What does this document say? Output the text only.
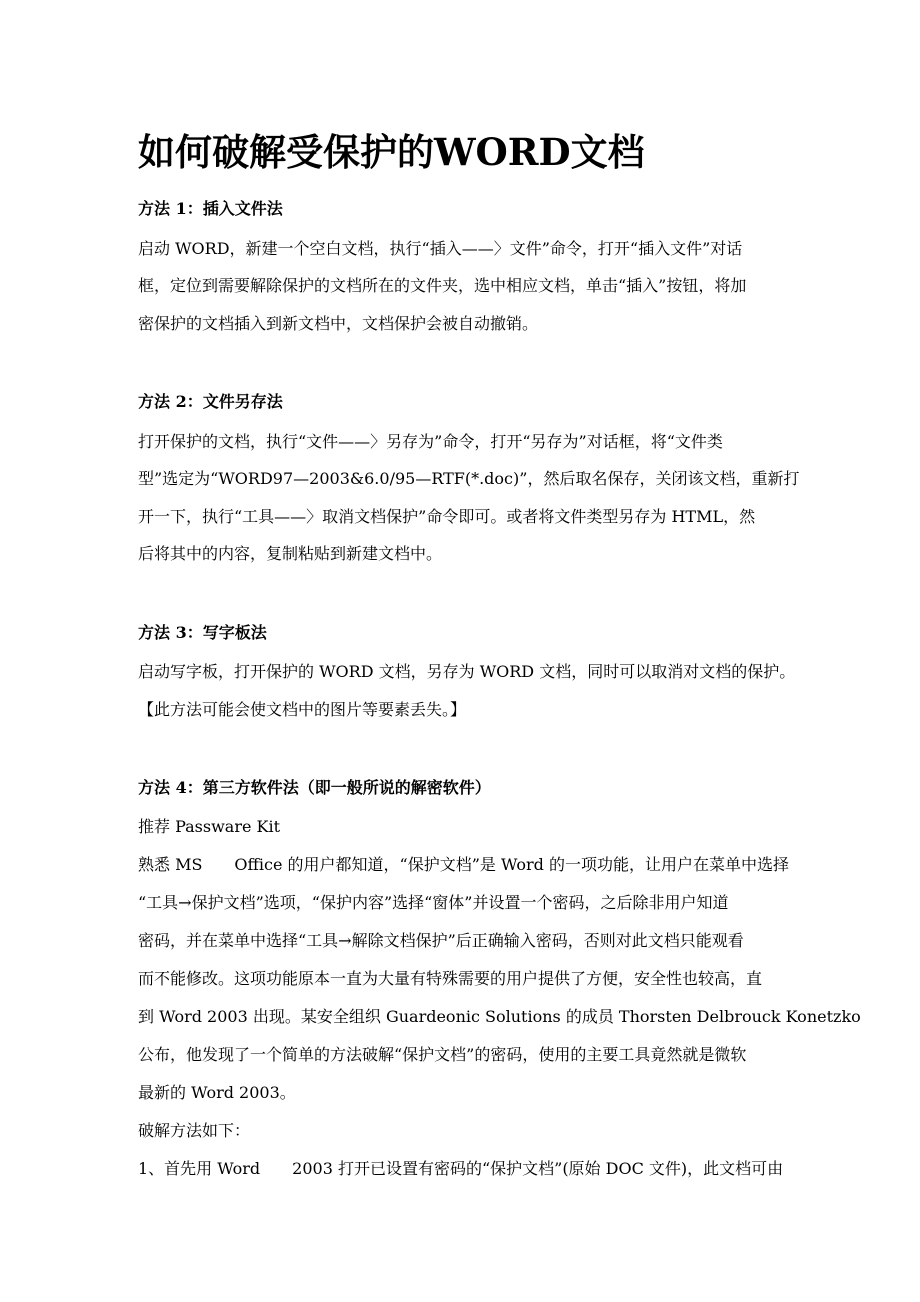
如何破解受保护的WORD文档
方法 1：插入文件法
启动 WORD，新建一个空白文档，执行“插入——〉文件”命令，打开“插入文件”对话
框，定位到需要解除保护的文档所在的文件夹，选中相应文档，单击“插入”按钮，将加
密保护的文档插入到新文档中，文档保护会被自动撤销。
方法 2：文件另存法
打开保护的文档，执行“文件——〉另存为”命令，打开“另存为”对话框，将“文件类
型”选定为“WORD97—2003&6.0/95—RTF(*.doc)”，然后取名保存，关闭该文档，重新打
开一下，执行“工具——〉取消文档保护”命令即可。或者将文件类型另存为 HTML，然
后将其中的内容，复制粘贴到新建文档中。
方法 3：写字板法
启动写字板，打开保护的 WORD 文档，另存为 WORD 文档，同时可以取消对文档的保护。
【此方法可能会使文档中的图片等要素丢失。】
方法 4：第三方软件法（即一般所说的解密软件）
推荐 Passware Kit
熟悉 MS　　Office 的用户都知道，“保护文档”是 Word 的一项功能，让用户在菜单中选择
“工具→保护文档”选项，“保护内容”选择“窗体”并设置一个密码，之后除非用户知道
密码，并在菜单中选择“工具→解除文档保护”后正确输入密码，否则对此文档只能观看
而不能修改。这项功能原本一直为大量有特殊需要的用户提供了方便，安全性也较高，直
到 Word 2003 出现。某安全组织 Guardeonic Solutions 的成员 Thorsten Delbrouck Konetzko
公布，他发现了一个简单的方法破解“保护文档”的密码，使用的主要工具竟然就是微软
最新的 Word 2003。
破解方法如下：
1、首先用 Word　　2003 打开已设置有密码的“保护文档”(原始 DOC 文件)，此文档可由
